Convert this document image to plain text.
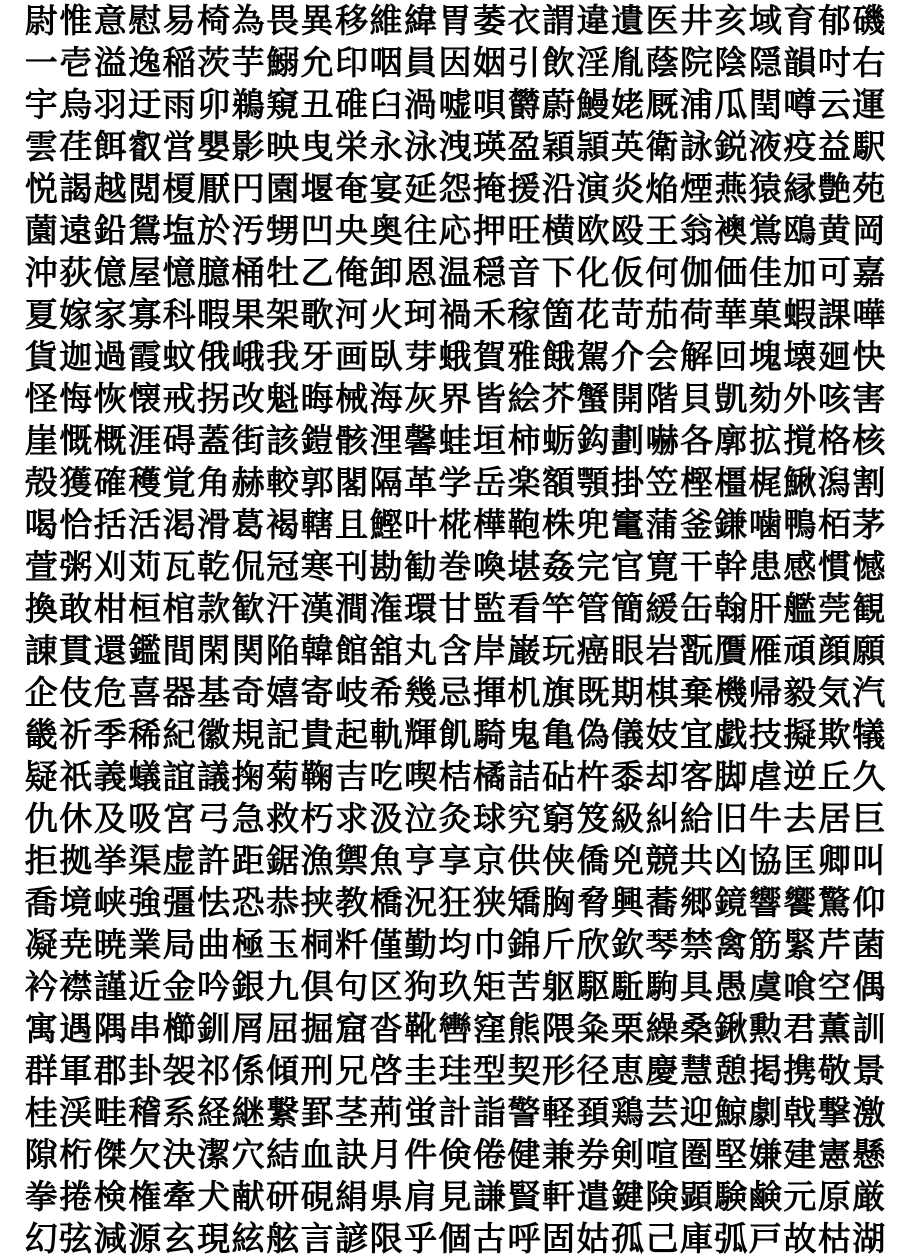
尉 惟 意 慰 易 椅 為 畏 異 移 維 緯 胃 萎 衣 謂 違 遺 医 井 亥 域 育 郁 磯
一 壱 溢 逸 稲 茨 芋 鰯 允 印 咽 員 因 姻 引 飲 淫 胤 蔭 院 陰 隠 韻 吋 右
宇 烏 羽 迂 雨 卯 鵜 窺 丑 碓 臼 渦 嘘 唄 欝 蔚 鰻 姥 厩 浦 瓜 閏 噂 云 運
雲 荏 餌 叡 営 嬰 影 映 曳 栄 永 泳 洩 瑛 盈 穎 頴 英 衛 詠 鋭 液 疫 益 駅
悦 謁 越 閲 榎 厭 円 園 堰 奄 宴 延 怨 掩 援 沿 演 炎 焔 煙 燕 猿 縁 艶 苑
薗 遠 鉛 鴛 塩 於 汚 甥 凹 央 奥 往 応 押 旺 横 欧 殴 王 翁 襖 鴬 鴎 黄 岡
沖 荻 億 屋 憶 臆 桶 牡 乙 俺 卸 恩 温 穏 音 下 化 仮 何 伽 価 佳 加 可 嘉
夏 嫁 家 寡 科 暇 果 架 歌 河 火 珂 禍 禾 稼 箇 花 苛 茄 荷 華 菓 蝦 課 嘩
貨 迦 過 霞 蚊 俄 峨 我 牙 画 臥 芽 蛾 賀 雅 餓 駕 介 会 解 回 塊 壊 廻 快
怪 悔 恢 懐 戒 拐 改 魁 晦 械 海 灰 界 皆 絵 芥 蟹 開 階 貝 凱 劾 外 咳 害
崖 慨 概 涯 碍 蓋 街 該 鎧 骸 浬 馨 蛙 垣 柿 蛎 鈎 劃 嚇 各 廓 拡 撹 格 核
殻 獲 確 穫 覚 角 赫 較 郭 閣 隔 革 学 岳 楽 額 顎 掛 笠 樫 橿 梶 鰍 潟 割
喝 恰 括 活 渇 滑 葛 褐 轄 且 鰹 叶 椛 樺 鞄 株 兜 竃 蒲 釜 鎌 噛 鴨 栢 茅
萱 粥 刈 苅 瓦 乾 侃 冠 寒 刊 勘 勧 巻 喚 堪 姦 完 官 寛 干 幹 患 感 慣 憾
換 敢 柑 桓 棺 款 歓 汗 漢 澗 潅 環 甘 監 看 竿 管 簡 緩 缶 翰 肝 艦 莞 観
諌 貫 還 鑑 間 閑 関 陥 韓 館 舘 丸 含 岸 巌 玩 癌 眼 岩 翫 贋 雁 頑 顔 願
企 伎 危 喜 器 基 奇 嬉 寄 岐 希 幾 忌 揮 机 旗 既 期 棋 棄 機 帰 毅 気 汽
畿 祈 季 稀 紀 徽 規 記 貴 起 軌 輝 飢 騎 鬼 亀 偽 儀 妓 宜 戯 技 擬 欺 犠
疑 祇 義 蟻 誼 議 掬 菊 鞠 吉 吃 喫 桔 橘 詰 砧 杵 黍 却 客 脚 虐 逆 丘 久
仇 休 及 吸 宮 弓 急 救 朽 求 汲 泣 灸 球 究 窮 笈 級 糾 給 旧 牛 去 居 巨
拒 拠 挙 渠 虚 許 距 鋸 漁 禦 魚 亨 享 京 供 侠 僑 兇 競 共 凶 協 匡 卿 叫
喬 境 峡 強 彊 怯 恐 恭 挟 教 橋 況 狂 狭 矯 胸 脅 興 蕎 郷 鏡 響 饗 驚 仰
凝 尭 暁 業 局 曲 極 玉 桐 粁 僅 勤 均 巾 錦 斤 欣 欽 琴 禁 禽 筋 緊 芹 菌
衿 襟 謹 近 金 吟 銀 九 倶 句 区 狗 玖 矩 苦 躯 駆 駈 駒 具 愚 虞 喰 空 偶
寓 遇 隅 串 櫛 釧 屑 屈 掘 窟 沓 靴 轡 窪 熊 隈 粂 栗 繰 桑 鍬 勲 君 薫 訓
群 軍 郡 卦 袈 祁 係 傾 刑 兄 啓 圭 珪 型 契 形 径 恵 慶 慧 憩 掲 携 敬 景
桂 渓 畦 稽 系 経 継 繋 罫 茎 荊 蛍 計 詣 警 軽 頚 鶏 芸 迎 鯨 劇 戟 撃 激
隙 桁 傑 欠 決 潔 穴 結 血 訣 月 件 倹 倦 健 兼 券 剣 喧 圏 堅 嫌 建 憲 懸
拳 捲 検 権 牽 犬 献 研 硯 絹 県 肩 見 謙 賢 軒 遣 鍵 険 顕 験 鹸 元 原 厳
幻 弦 減 源 玄 現 絃 舷 言 諺 限 乎 個 古 呼 固 姑 孤 己 庫 弧 戸 故 枯 湖
